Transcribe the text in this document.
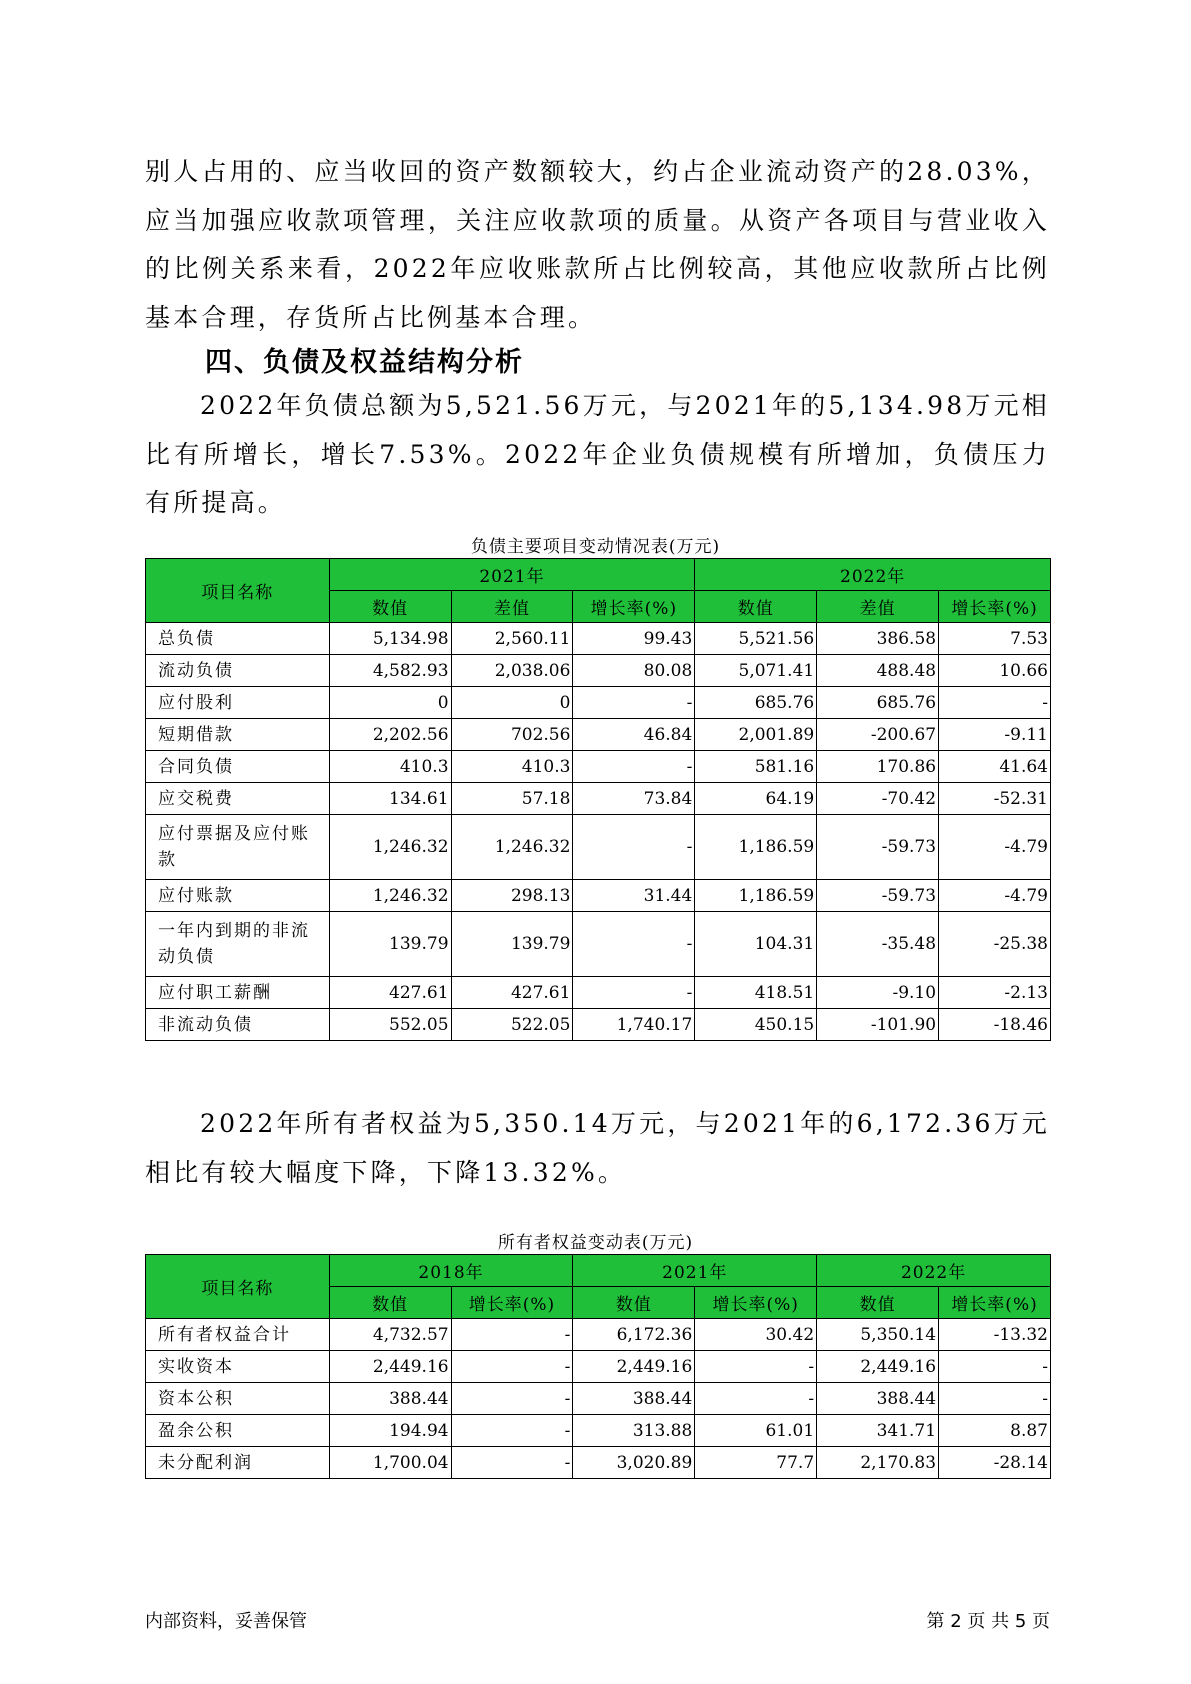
别人占用的、应当收回的资产数额较大，约占企业流动资产的28.03%，应当加强应收款项管理，关注应收款项的质量。从资产各项目与营业收入的比例关系来看，2022年应收账款所占比例较高，其他应收款所占比例基本合理，存货所占比例基本合理。

四、负债及权益结构分析

2022年负债总额为5,521.56万元，与2021年的5,134.98万元相比有所增长，增长7.53%。2022年企业负债规模有所增加，负债压力有所提高。

负债主要项目变动情况表(万元)
项目名称	2021年			2022年		
	数值	差值	增长率(%)	数值	差值	增长率(%)
总负债	5,134.98	2,560.11	99.43	5,521.56	386.58	7.53
流动负债	4,582.93	2,038.06	80.08	5,071.41	488.48	10.66
应付股利	0	0	-	685.76	685.76	-
短期借款	2,202.56	702.56	46.84	2,001.89	-200.67	-9.11
合同负债	410.3	410.3	-	581.16	170.86	41.64
应交税费	134.61	57.18	73.84	64.19	-70.42	-52.31
应付票据及应付账款	1,246.32	1,246.32	-	1,186.59	-59.73	-4.79
应付账款	1,246.32	298.13	31.44	1,186.59	-59.73	-4.79
一年内到期的非流动负债	139.79	139.79	-	104.31	-35.48	-25.38
应付职工薪酬	427.61	427.61	-	418.51	-9.10	-2.13
非流动负债	552.05	522.05	1,740.17	450.15	-101.90	-18.46

2022年所有者权益为5,350.14万元，与2021年的6,172.36万元相比有较大幅度下降，下降13.32%。

所有者权益变动表(万元)
项目名称	2018年		2021年		2022年	
	数值	增长率(%)	数值	增长率(%)	数值	增长率(%)
所有者权益合计	4,732.57	-	6,172.36	30.42	5,350.14	-13.32
实收资本	2,449.16	-	2,449.16	-	2,449.16	-
资本公积	388.44	-	388.44	-	388.44	-
盈余公积	194.94	-	313.88	61.01	341.71	8.87
未分配利润	1,700.04	-	3,020.89	77.7	2,170.83	-28.14
内部资料，妥善保管	第 2 页 共 5 页
